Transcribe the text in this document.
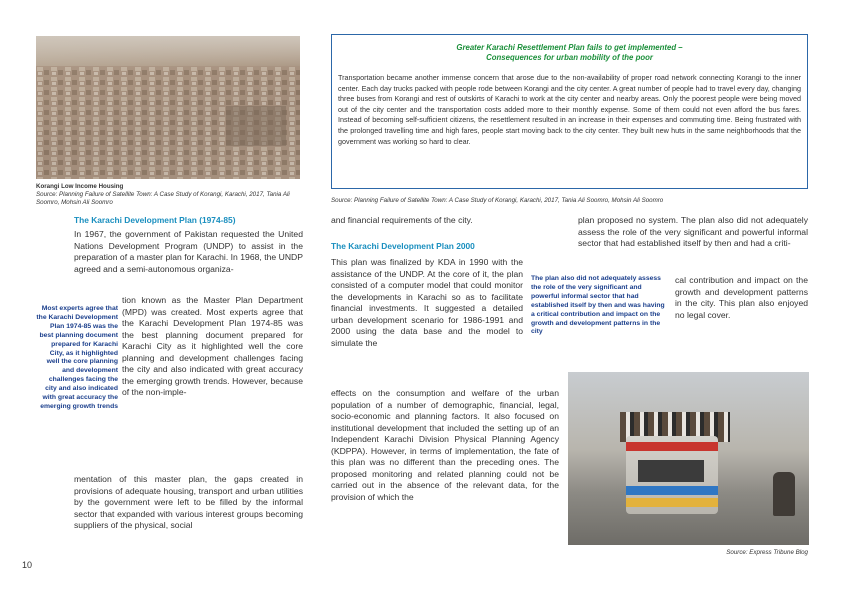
Korangi Low Income Housing
Source: Planning Failure of Satellite Town: A Case Study of Korangi, Karachi, 2017, Tania Ali Soomro, Mohsin Ali Soomro
Greater Karachi Resettlement Plan fails to get implemented –
Consequences for urban mobility of the poor
Transportation became another immense concern that arose due to the non-availability of proper road network connecting Korangi to the inner center. Each day trucks packed with people rode between Korangi and the city center. A great number of people had to travel every day, changing three buses from Korangi and rest of outskirts of Karachi to work at the city center and nearby areas. Only the poorest people were being moved out of the city center and the transportation costs added more to their monthly expense. Some of them could not even afford the bus fares. Instead of becoming self-sufficient citizens, the resettlement resulted in an increase in their expenses and commuting time. Being frustrated with the prolonged travelling time and high fares, people start moving back to the city center. They built new huts in the same neighborhoods that the government was working so hard to clear.
Source: Planning Failure of Satellite Town: A Case Study of Korangi, Karachi, 2017, Tania Ali Soomro, Mohsin Ali Soomro
The Karachi Development Plan (1974-85)
In 1967, the government of Pakistan requested the United Nations Development Program (UNDP) to assist in the preparation of a master plan for Karachi. In 1968, the UNDP agreed and a semi-autonomous organiza-
Most experts agree that the Karachi Development Plan 1974-85 was the best planning document prepared for Karachi City, as it highlighted well the core planning and development challenges facing the city and also indicated with great accuracy the emerging growth trends
tion known as the Master Plan Department (MPD) was created. Most experts agree that the Karachi Development Plan 1974-85 was the best planning document prepared for Karachi City as it highlighted well the core planning and development challenges facing the city and also indicated with great accuracy the emerging growth trends. However, because of the non-imple-
mentation of this master plan, the gaps created in provisions of adequate housing, transport and urban utilities by the government were left to be filled by the informal sector that expanded with various interest groups becoming suppliers of the physical, social
and financial requirements of the city.
The Karachi Development Plan 2000
This plan was finalized by KDA in 1990 with the assistance of the UNDP. At the core of it, the plan consisted of a computer model that could monitor the developments in Karachi so as to facilitate financial investments. It suggested a detailed urban development scenario for 1986-1991 and 2000 using the data base and the model to simulate the
The plan also did not adequately assess the role of the very significant and powerful informal sector that had established itself by then and was having a critical contribution and impact on the growth and development patterns in the city
effects on the consumption and welfare of the urban population of a number of demographic, financial, legal, socio-economic and planning factors. It also focused on institutional development that included the setting up of an Independent Karachi Division Physical Planning Agency (KDPPA). However, in terms of implementation, the fate of this plan was no different than the preceding ones. The proposed monitoring and related planning could not be carried out in the absence of the relevant data, for the provision of which the
plan proposed no system. The plan also did not adequately assess the role of the very significant and powerful informal sector that had established itself by then and had a criti-
cal contribution and impact on the growth and development patterns in the city. This plan also enjoyed no legal cover.
Source: Express Tribune Blog
10
